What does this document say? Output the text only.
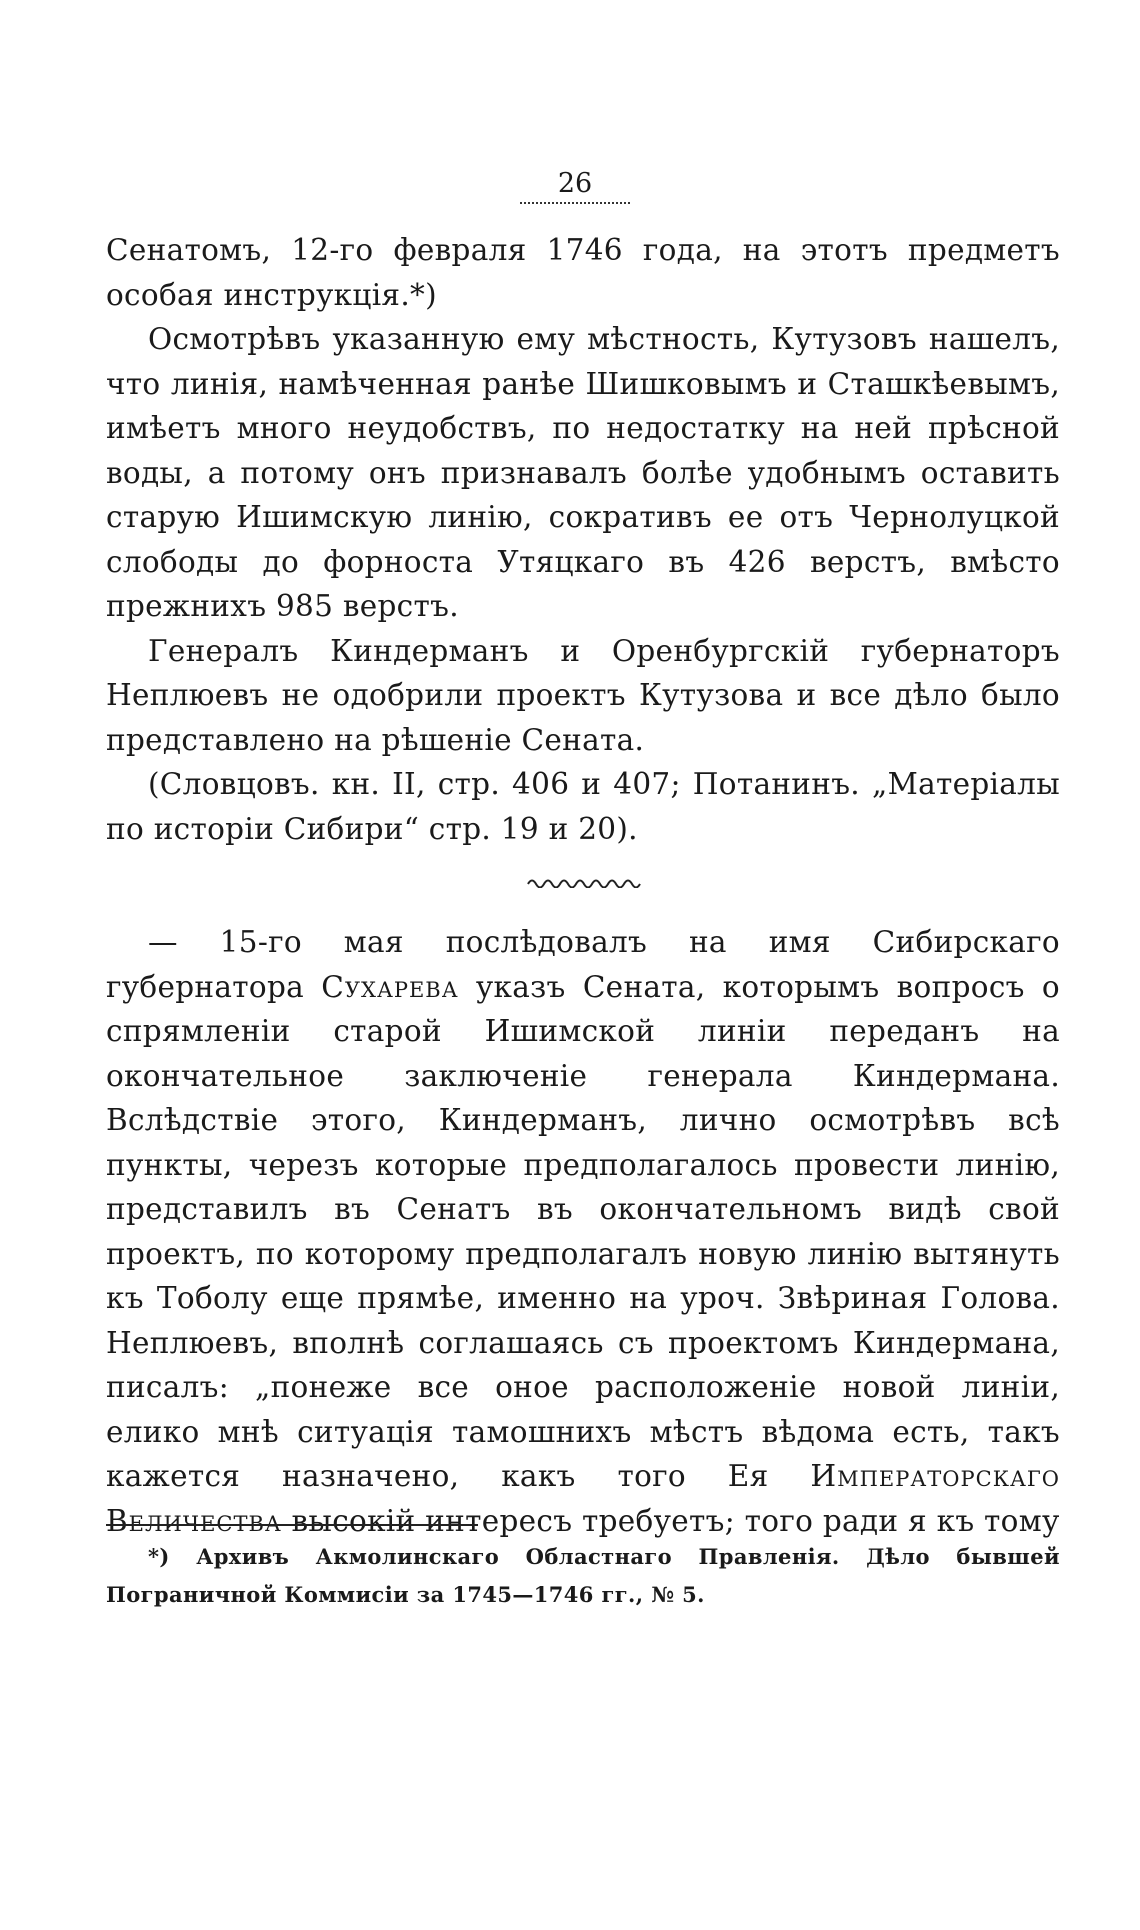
26

Сенатомъ, 12-го февраля 1746 года, на этотъ предметъ особая инструкція.*)

Осмотрѣвъ указанную ему мѣстность, Кутузовъ нашелъ, что линія, намѣченная ранѣе Шишковымъ и Сташкѣевымъ, имѣетъ много неудобствъ, по недостатку на ней прѣсной воды, а потому онъ признавалъ болѣе удобнымъ оставить старую Ишимскую линію, сокративъ ее отъ Чернолуцкой слободы до форноста Утяцкаго въ 426 верстъ, вмѣсто прежнихъ 985 верстъ.

Генералъ Киндерманъ и Оренбургскій губернаторъ Неплюевъ не одобрили проектъ Кутузова и все дѣло было представлено на рѣшеніе Сената.

(Словцовъ. кн. II, стр. 406 и 407; Потанинъ. „Матеріалы по исторіи Сибири“ стр. 19 и 20).

— 15-го мая послѣдовалъ на имя Сибирскаго губернатора Сухарева указъ Сената, которымъ вопросъ о спрямленіи старой Ишимской линіи переданъ на окончательное заключеніе генерала Киндермана. Вслѣдствіе этого, Киндерманъ, лично осмотрѣвъ всѣ пункты, черезъ которые предполагалось провести линію, представилъ въ Сенатъ въ окончательномъ видѣ свой проектъ, по которому предполагалъ новую линію вытянуть къ Тоболу еще прямѣе, именно на уроч. Звѣриная Голова. Неплюевъ, вполнѣ соглашаясь съ проектомъ Киндермана, писалъ: „понеже все оное расположеніе новой линіи, елико мнѣ ситуація тамошнихъ мѣстъ вѣдома есть, такъ кажется назначено, какъ того Ея Императорскаго Величества высокій интересъ требуетъ; того ради я къ тому

*) Архивъ Акмолинскаго Областнаго Правленія. Дѣло бывшей Пограничной Коммисіи за 1745—1746 гг., № 5.
